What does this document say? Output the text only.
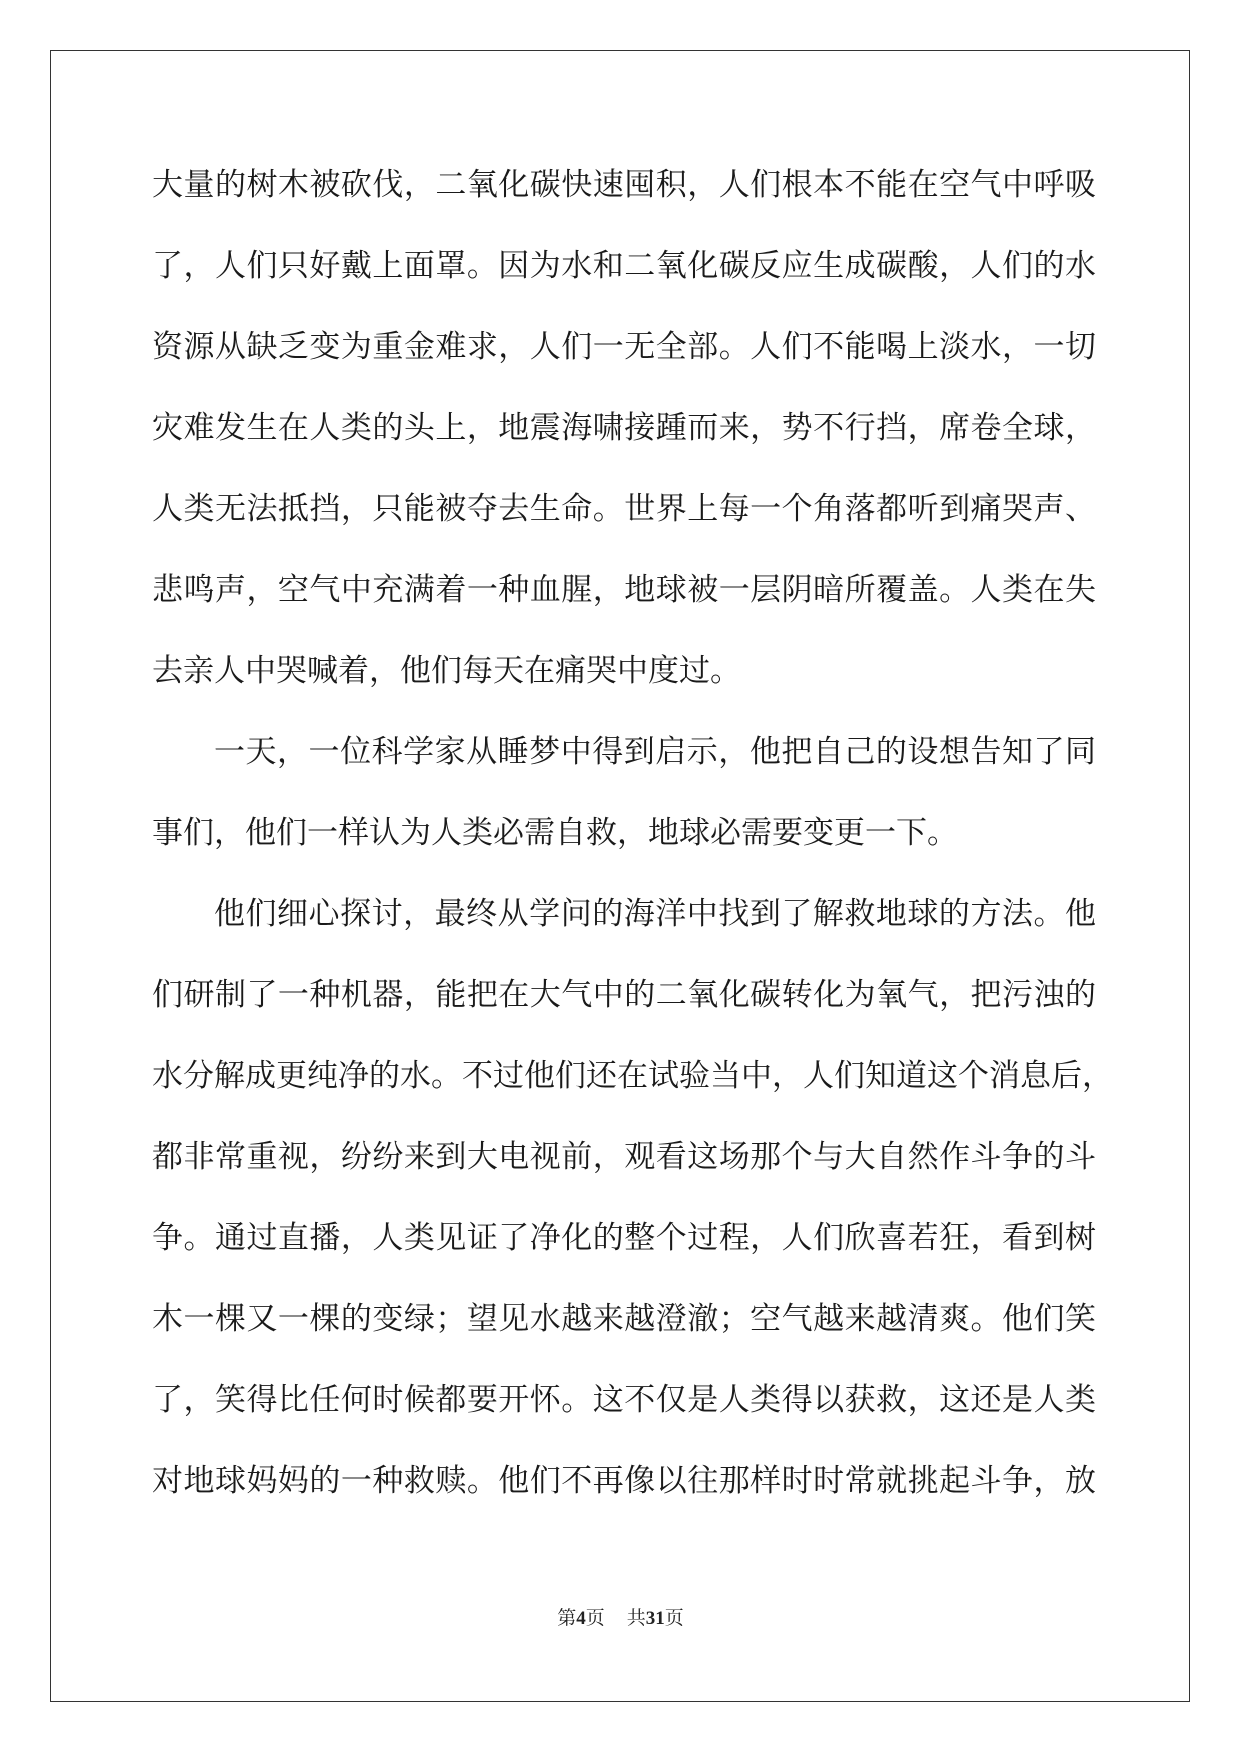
大量的树木被砍伐，二氧化碳快速囤积，人们根本不能在空气中呼吸
了，人们只好戴上面罩。因为水和二氧化碳反应生成碳酸，人们的水
资源从缺乏变为重金难求，人们一无全部。人们不能喝上淡水，一切
灾难发生在人类的头上，地震海啸接踵而来，势不行挡，席卷全球，
人类无法抵挡，只能被夺去生命。世界上每一个角落都听到痛哭声、
悲鸣声，空气中充满着一种血腥，地球被一层阴暗所覆盖。人类在失
去亲人中哭喊着，他们每天在痛哭中度过。
一天，一位科学家从睡梦中得到启示，他把自己的设想告知了同
事们，他们一样认为人类必需自救，地球必需要变更一下。
他们细心探讨，最终从学问的海洋中找到了解救地球的方法。他
们研制了一种机器，能把在大气中的二氧化碳转化为氧气，把污浊的
水分解成更纯净的水。不过他们还在试验当中，人们知道这个消息后，
都非常重视，纷纷来到大电视前，观看这场那个与大自然作斗争的斗
争。通过直播，人类见证了净化的整个过程，人们欣喜若狂，看到树
木一棵又一棵的变绿；望见水越来越澄澈；空气越来越清爽。他们笑
了，笑得比任何时候都要开怀。这不仅是人类得以获救，这还是人类
对地球妈妈的一种救赎。他们不再像以往那样时时常就挑起斗争，放
第4页 共31页
